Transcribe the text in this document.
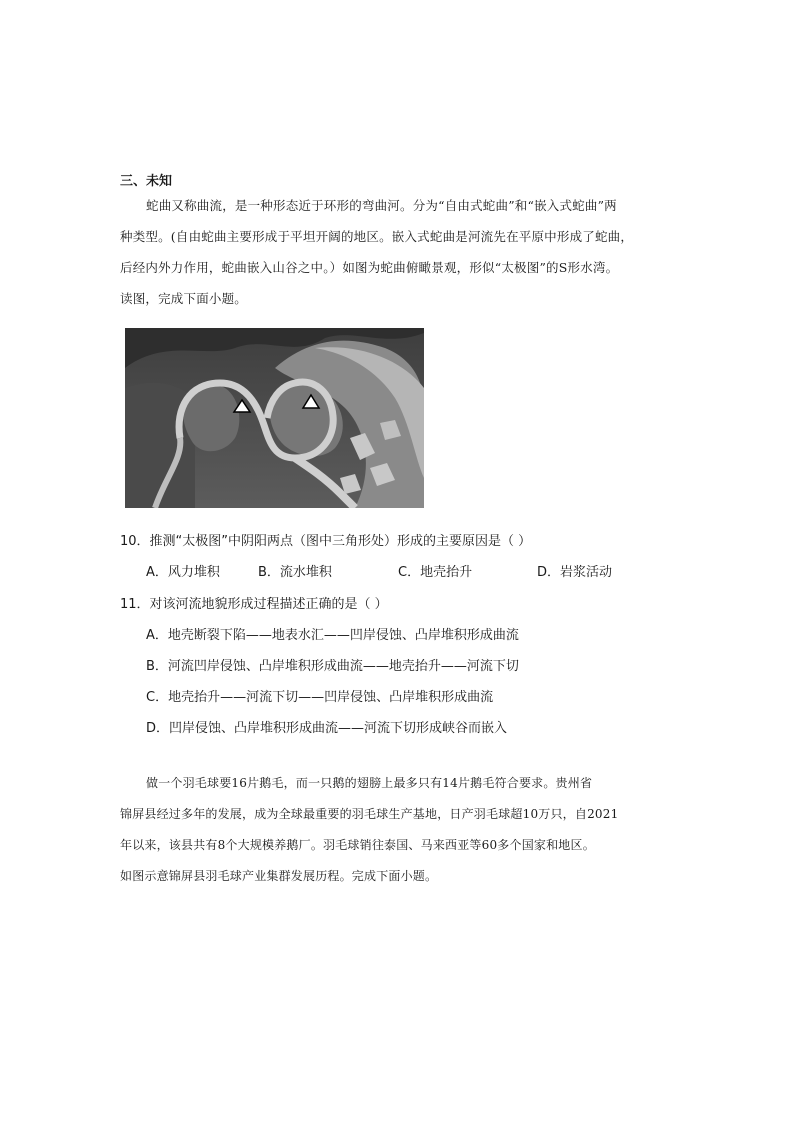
三、未知

蛇曲又称曲流，是一种形态近于环形的弯曲河。分为“自由式蛇曲”和“嵌入式蛇曲”两

种类型。(自由蛇曲主要形成于平坦开阔的地区。嵌入式蛇曲是河流先在平原中形成了蛇曲，

后经内外力作用，蛇曲嵌入山谷之中。）如图为蛇曲俯瞰景观，形似“太极图”的S形水湾。

读图，完成下面小题。

10．推测“太极图”中阴阳两点（图中三角形处）形成的主要原因是（ ）
A．风力堆积	B．流水堆积	C．地壳抬升	D．岩浆活动
11．对该河流地貌形成过程描述正确的是（ ）
A．地壳断裂下陷——地表水汇——凹岸侵蚀、凸岸堆积形成曲流
B．河流凹岸侵蚀、凸岸堆积形成曲流——地壳抬升——河流下切
C．地壳抬升——河流下切——凹岸侵蚀、凸岸堆积形成曲流
D．凹岸侵蚀、凸岸堆积形成曲流——河流下切形成峡谷而嵌入

做一个羽毛球要16片鹅毛，而一只鹅的翅膀上最多只有14片鹅毛符合要求。贵州省

锦屏县经过多年的发展，成为全球最重要的羽毛球生产基地，日产羽毛球超10万只，自2021

年以来，该县共有8个大规模养鹅厂。羽毛球销往泰国、马来西亚等60多个国家和地区。

如图示意锦屏县羽毛球产业集群发展历程。完成下面小题。
